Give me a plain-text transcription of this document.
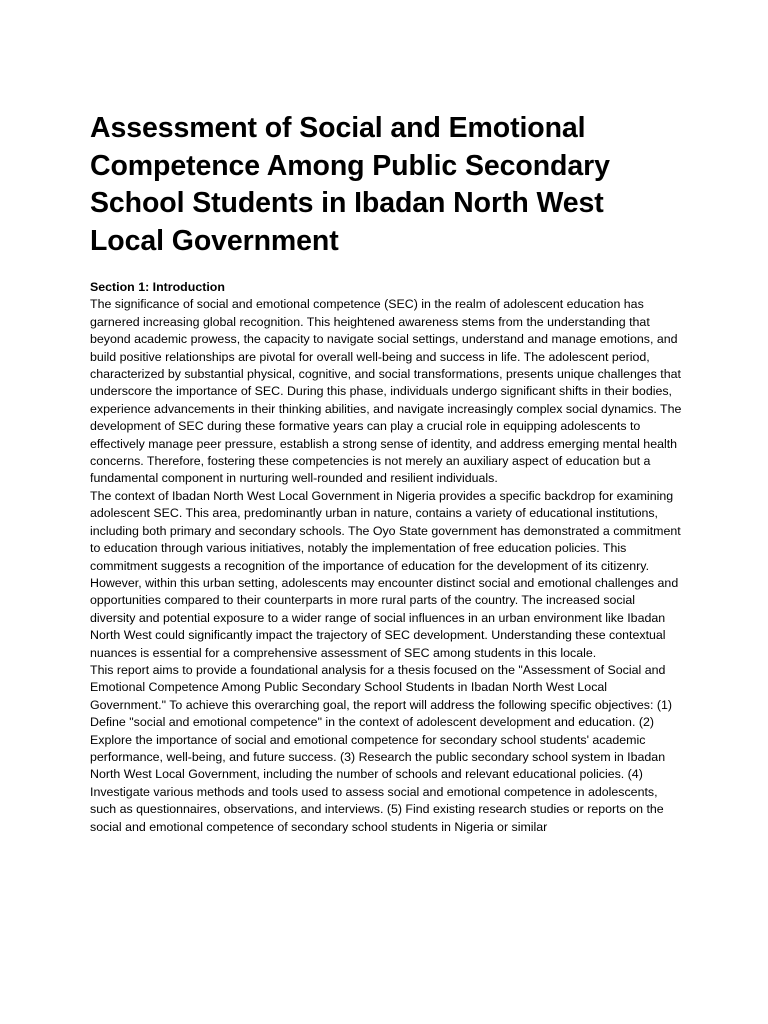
Assessment of Social and Emotional Competence Among Public Secondary School Students in Ibadan North West Local Government
Section 1: Introduction

The significance of social and emotional competence (SEC) in the realm of adolescent education has garnered increasing global recognition. This heightened awareness stems from the understanding that beyond academic prowess, the capacity to navigate social settings, understand and manage emotions, and build positive relationships are pivotal for overall well-being and success in life. The adolescent period, characterized by substantial physical, cognitive, and social transformations, presents unique challenges that underscore the importance of SEC. During this phase, individuals undergo significant shifts in their bodies, experience advancements in their thinking abilities, and navigate increasingly complex social dynamics. The development of SEC during these formative years can play a crucial role in equipping adolescents to effectively manage peer pressure, establish a strong sense of identity, and address emerging mental health concerns. Therefore, fostering these competencies is not merely an auxiliary aspect of education but a fundamental component in nurturing well-rounded and resilient individuals.

The context of Ibadan North West Local Government in Nigeria provides a specific backdrop for examining adolescent SEC. This area, predominantly urban in nature, contains a variety of educational institutions, including both primary and secondary schools. The Oyo State government has demonstrated a commitment to education through various initiatives, notably the implementation of free education policies. This commitment suggests a recognition of the importance of education for the development of its citizenry. However, within this urban setting, adolescents may encounter distinct social and emotional challenges and opportunities compared to their counterparts in more rural parts of the country. The increased social diversity and potential exposure to a wider range of social influences in an urban environment like Ibadan North West could significantly impact the trajectory of SEC development. Understanding these contextual nuances is essential for a comprehensive assessment of SEC among students in this locale.

This report aims to provide a foundational analysis for a thesis focused on the "Assessment of Social and Emotional Competence Among Public Secondary School Students in Ibadan North West Local Government." To achieve this overarching goal, the report will address the following specific objectives: (1) Define "social and emotional competence" in the context of adolescent development and education. (2) Explore the importance of social and emotional competence for secondary school students' academic performance, well-being, and future success. (3) Research the public secondary school system in Ibadan North West Local Government, including the number of schools and relevant educational policies. (4) Investigate various methods and tools used to assess social and emotional competence in adolescents, such as questionnaires, observations, and interviews. (5) Find existing research studies or reports on the social and emotional competence of secondary school students in Nigeria or similar
